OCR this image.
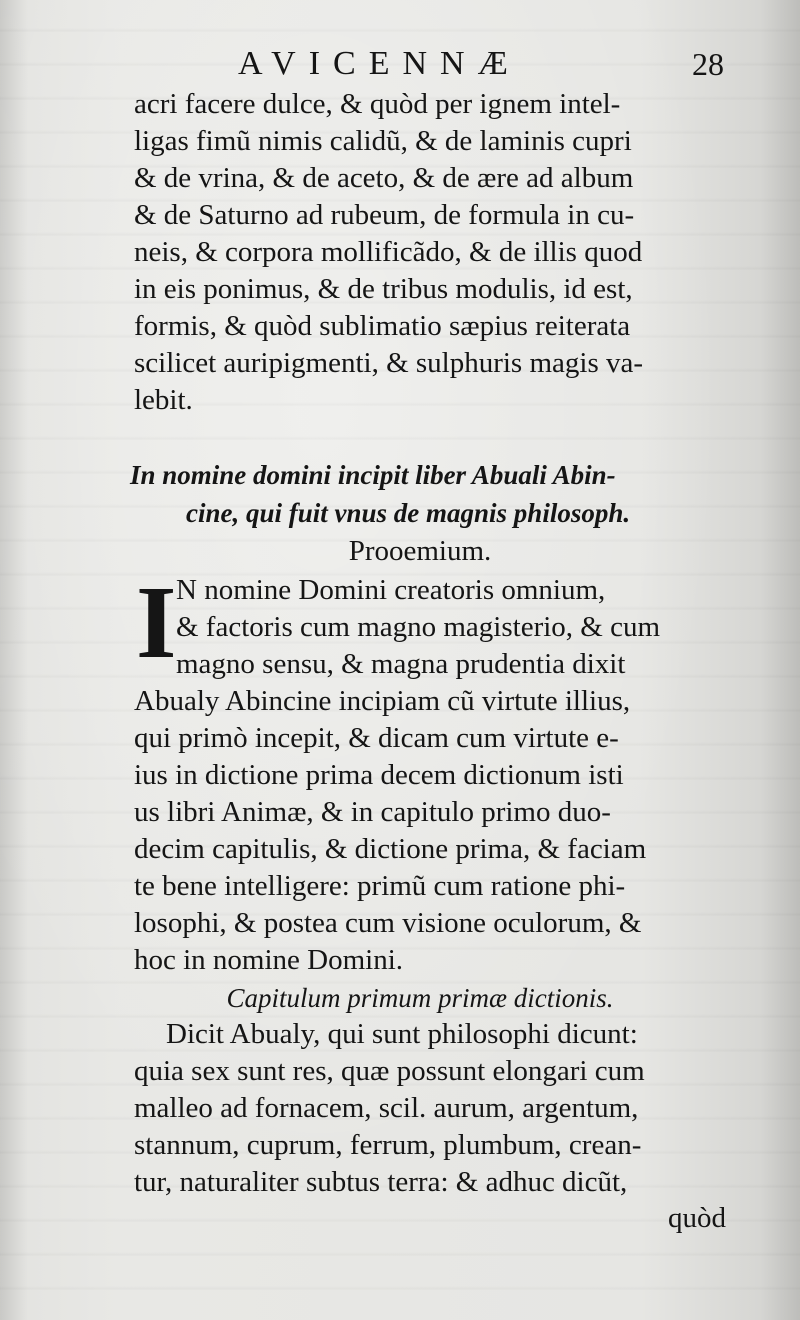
AVICENNÆ	28
acri facere dulce, & quòd per ignem intel-
ligas fimũ nimis calidũ, & de laminis cupri
& de vrina, & de aceto, & de ære ad album
& de Saturno ad rubeum, de formula in cu-
neis, & corpora mollificãdo, & de illis quod
in eis ponimus, & de tribus modulis, id est,
formis, & quòd sublimatio sæpius reiterata
scilicet auripigmenti, & sulphuris magis va-
lebit.
In nomine domini incipit liber Abuali Abin-
cine, qui fuit vnus de magnis philosoph.
Prooemium.
I N nomine Domini creatoris omnium,
& factoris cum magno magisterio, & cum
magno sensu, & magna prudentia dixit
Abualy Abincine incipiam cũ virtute illius,
qui primò incepit, & dicam cum virtute e-
ius in dictione prima decem dictionum isti
us libri Animæ, & in capitulo primo duo-
decim capitulis, & dictione prima, & faciam
te bene intelligere: primũ cum ratione phi-
losophi, & postea cum visione oculorum, &
hoc in nomine Domini.
Capitulum primum primæ dictionis.
Dicit Abualy, qui sunt philosophi dicunt:
quia sex sunt res, quæ possunt elongari cum
malleo ad fornacem, scil. aurum, argentum,
stannum, cuprum, ferrum, plumbum, crean-
tur, naturaliter subtus terra: & adhuc dicũt,
quòd
